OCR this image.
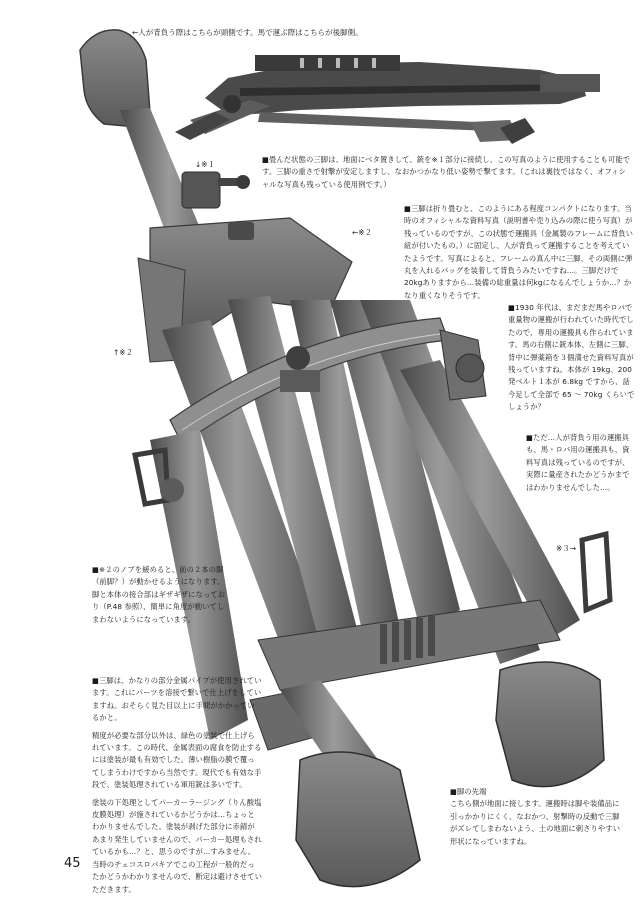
←人が背負う際はこちらが頭側です。馬で運ぶ際はこちらが後脚側。
■畳んだ状態の三脚は、地面にベタ置きして、銃を※１部分に接続し、この写真のように使用することも可能です。三脚の重さで射撃が安定しますし、なおかつかなり低い姿勢で撃てます。（これは裏技ではなく、オフィシャルな写真も残っている使用例です。）
■三脚は折り畳むと、このようにある程度コンパクトになります。当時のオフィシャルな資料写真（説明書や売り込みの際に使う写真）が残っているのですが、この状態で運搬具（金属製のフレームに背負い紐が付いたもの。）に固定し、人が背負って運搬することを考えていたようです。写真によると、フレームの真ん中に三脚、その両側に弾丸を入れるバッグを装着して背負うみたいですね…。三脚だけで20kgありますから…装備の総重量は何kgになるんでしょうか…？かなり重くなりそうです。
■1930 年代は、まだまだ馬やロバで重量物の運搬が行われていた時代でしたので、専用の運搬具も作られています。馬の右側に銃本体、左側に三脚、背中に弾薬箱を３個満せた資料写真が残っていますね。本体が 19kg、200 発ベルト１本が 6.8kg ですから、話今足して全部で 65 〜 70kg くらいでしょうか？
■ただ…人が背負う用の運搬具も、馬・ロバ用の運搬具も、資料写真は残っているのですが、実際に量産されたかどうかまではわかりませんでした…。
■※２のノブを緩めると、前の２本の脚（前脚？）が動かせるようになります。脚と本体の接合部はギザギザになっており（P.48 参照）、簡単に角度が動いてしまわないようになっています。

■三脚は、かなりの部分金属パイプが使用されています。これにパーツを溶接で繋いで仕上げをしていますね。おそらく見た目以上に手間がかかっているかと。

精度が必要な部分以外は、緑色の塗装で仕上げられています。この時代、金属表面の腐食を防止するには塗装が最も有効でした。薄い樹脂の膜で覆ってしまうわけですから当然です。現代でも有効な手段で、塗装処理されている軍用銃は多いです。

塗装の下処理としてパーカーラージング（りん酸塩皮膜処理）が施されているかどうかは…ちょっとわかりませんでした。塗装が剥げた部分に赤錆があまり発生していませんので、パーカー処理もされているかも…？と、思うのですが…すみません。当時のチェコスロバキアでこの工程が一般的だったかどうかわかりませんので、断定は避けさせていただきます。

■脚の先端
こちら側が地面に接します。運搬時は脚や装備品に引っかかりにくく、なおかつ、射撃時の反動で三脚がズレてしまわないよう、土の地面に刺さりやすい形状になっていますね。
↓※１
←※２
↑※２
※３→
45
